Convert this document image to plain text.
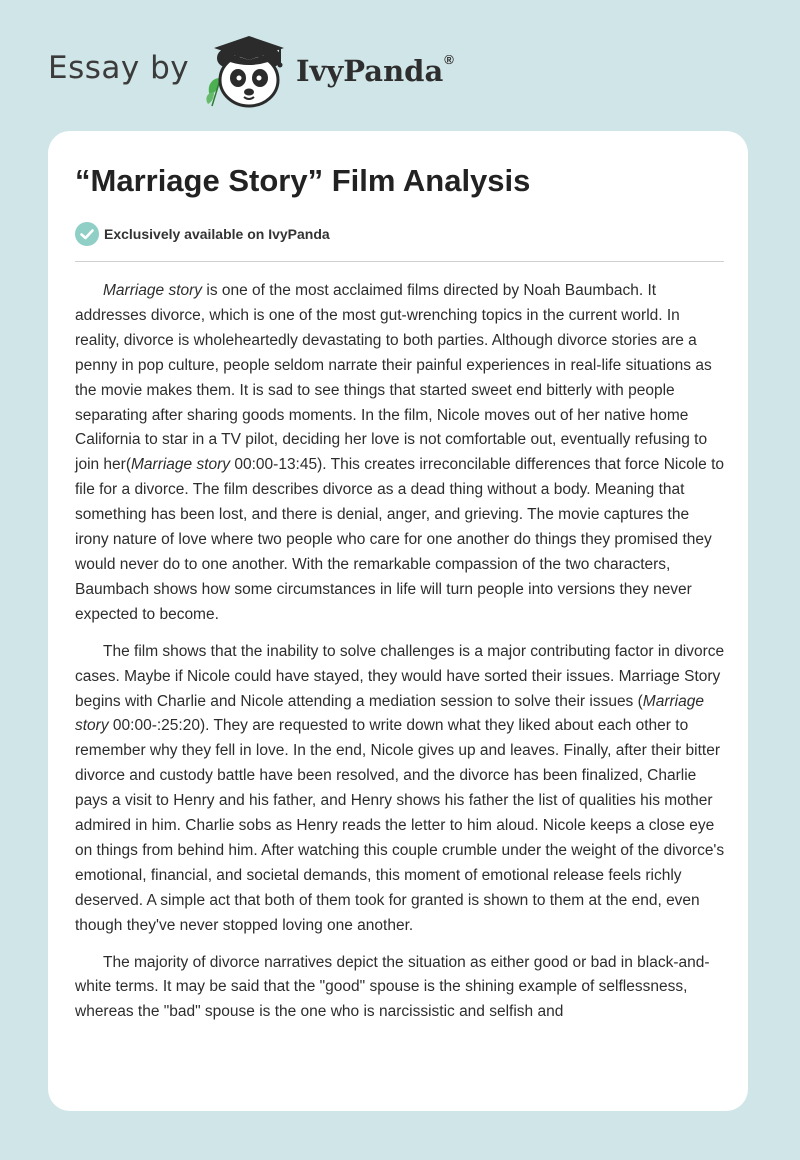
Essay by	IvyPanda®
“Marriage Story” Film Analysis
Exclusively available on IvyPanda

Marriage story is one of the most acclaimed films directed by Noah Baumbach. It addresses divorce, which is one of the most gut-wrenching topics in the current world. In reality, divorce is wholeheartedly devastating to both parties. Although divorce stories are a penny in pop culture, people seldom narrate their painful experiences in real-life situations as the movie makes them. It is sad to see things that started sweet end bitterly with people separating after sharing goods moments. In the film, Nicole moves out of her native home California to star in a TV pilot, deciding her love is not comfortable out, eventually refusing to join her(Marriage story 00:00-13:45). This creates irreconcilable differences that force Nicole to file for a divorce. The film describes divorce as a dead thing without a body. Meaning that something has been lost, and there is denial, anger, and grieving. The movie captures the irony nature of love where two people who care for one another do things they promised they would never do to one another. With the remarkable compassion of the two characters, Baumbach shows how some circumstances in life will turn people into versions they never expected to become.

The film shows that the inability to solve challenges is a major contributing factor in divorce cases. Maybe if Nicole could have stayed, they would have sorted their issues. Marriage Story begins with Charlie and Nicole attending a mediation session to solve their issues (Marriage story 00:00-:25:20). They are requested to write down what they liked about each other to remember why they fell in love. In the end, Nicole gives up and leaves. Finally, after their bitter divorce and custody battle have been resolved, and the divorce has been finalized, Charlie pays a visit to Henry and his father, and Henry shows his father the list of qualities his mother admired in him. Charlie sobs as Henry reads the letter to him aloud. Nicole keeps a close eye on things from behind him. After watching this couple crumble under the weight of the divorce's emotional, financial, and societal demands, this moment of emotional release feels richly deserved. A simple act that both of them took for granted is shown to them at the end, even though they've never stopped loving one another.

The majority of divorce narratives depict the situation as either good or bad in black-and-white terms. It may be said that the "good" spouse is the shining example of selflessness, whereas the "bad" spouse is the one who is narcissistic and selfish and
